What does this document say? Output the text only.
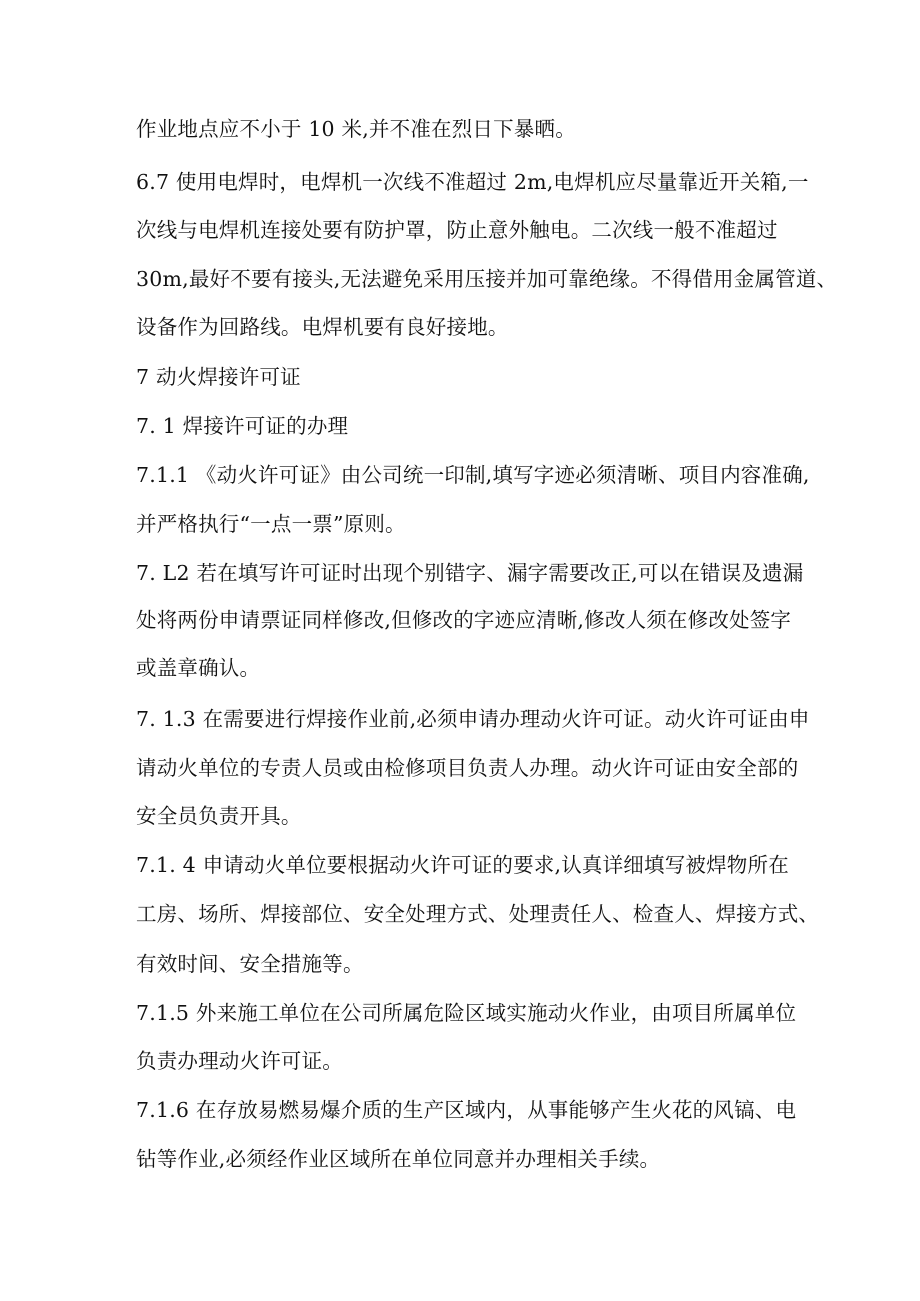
作业地点应不小于 10 米,并不准在烈日下暴晒。
6.7 使用电焊时，电焊机一次线不准超过 2m,电焊机应尽量靠近开关箱,一
次线与电焊机连接处要有防护罩，防止意外触电。二次线一般不准超过
30m,最好不要有接头,无法避免采用压接并加可靠绝缘。不得借用金属管道、
设备作为回路线。电焊机要有良好接地。
7 动火焊接许可证
7. 1 焊接许可证的办理
7.1.1 《动火许可证》由公司统一印制,填写字迹必须清晰、项目内容准确,
并严格执行“一点一票”原则。
7. L2 若在填写许可证时出现个别错字、漏字需要改正,可以在错误及遗漏
处将两份申请票证同样修改,但修改的字迹应清晰,修改人须在修改处签字
或盖章确认。
7. 1.3 在需要进行焊接作业前,必须申请办理动火许可证。动火许可证由申
请动火单位的专责人员或由检修项目负责人办理。动火许可证由安全部的
安全员负责开具。
7.1. 4 申请动火单位要根据动火许可证的要求,认真详细填写被焊物所在
工房、场所、焊接部位、安全处理方式、处理责任人、检查人、焊接方式、
有效时间、安全措施等。
7.1.5 外来施工单位在公司所属危险区域实施动火作业，由项目所属单位
负责办理动火许可证。
7.1.6 在存放易燃易爆介质的生产区域内，从事能够产生火花的风镐、电
钻等作业,必须经作业区域所在单位同意并办理相关手续。
